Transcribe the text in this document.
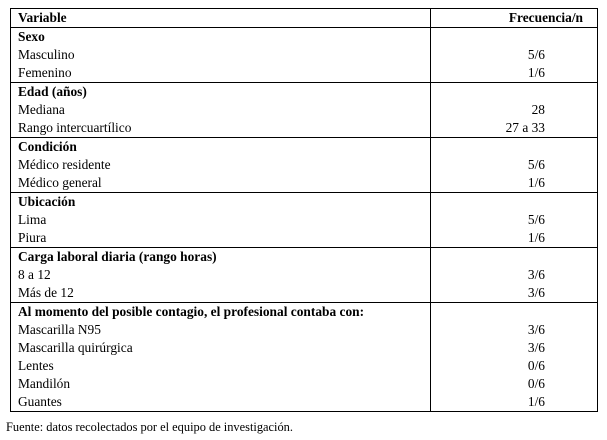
Variable	Frecuencia/n
Sexo	
Masculino	5/6
Femenino	1/6
Edad (años)	
Mediana	28
Rango intercuartílico	27 a 33
Condición	
Médico residente	5/6
Médico general	1/6
Ubicación	
Lima	5/6
Piura	1/6
Carga laboral diaria (rango horas)	
8 a 12	3/6
Más de 12	3/6
Al momento del posible contagio, el profesional contaba con:	
Mascarilla N95	3/6
Mascarilla quirúrgica	3/6
Lentes	0/6
Mandilón	0/6
Guantes	1/6
Fuente: datos recolectados por el equipo de investigación.
